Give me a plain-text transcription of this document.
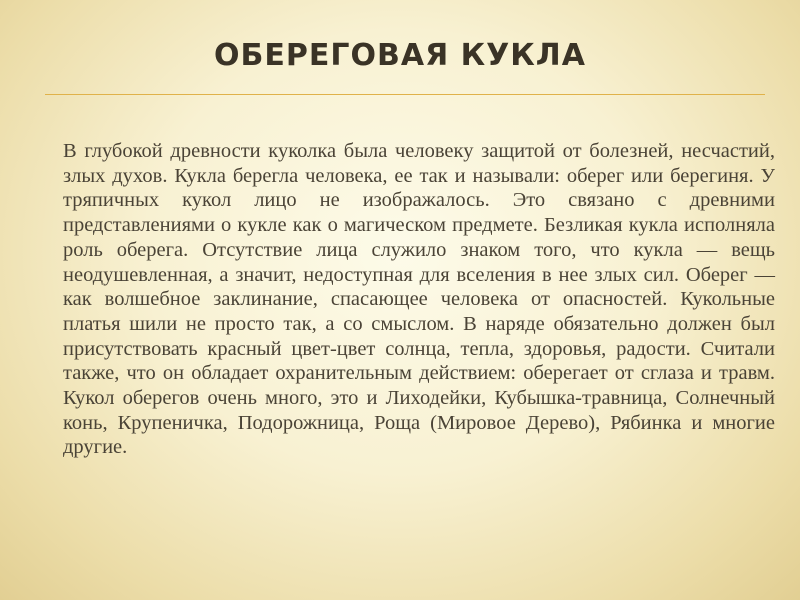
ОБЕРЕГОВАЯ КУКЛА

В глубокой древности куколка была человеку защитой от болезней, несчастий, злых духов. Кукла берегла человека, ее так и называли: оберег или берегиня. У тряпичных кукол лицо не изображалось. Это связано с древними представлениями о кукле как о магическом предмете. Безликая кукла исполняла роль оберега. Отсутствие лица служило знаком того, что кукла — вещь неодушевленная, а значит, недоступная для вселения в нее злых сил. Оберег — как волшебное заклинание, спасающее человека от опасностей. Кукольные платья шили не просто так, а со смыслом. В наряде обязательно должен был присутствовать красный цвет-цвет солнца, тепла, здоровья, радости. Считали также, что он обладает охранительным действием: оберегает от сглаза и травм. Кукол оберегов очень много, это и Лиходейки, Кубышка-травница, Солнечный конь, Крупеничка, Подорожница, Роща (Мировое Дерево), Рябинка и многие другие.
